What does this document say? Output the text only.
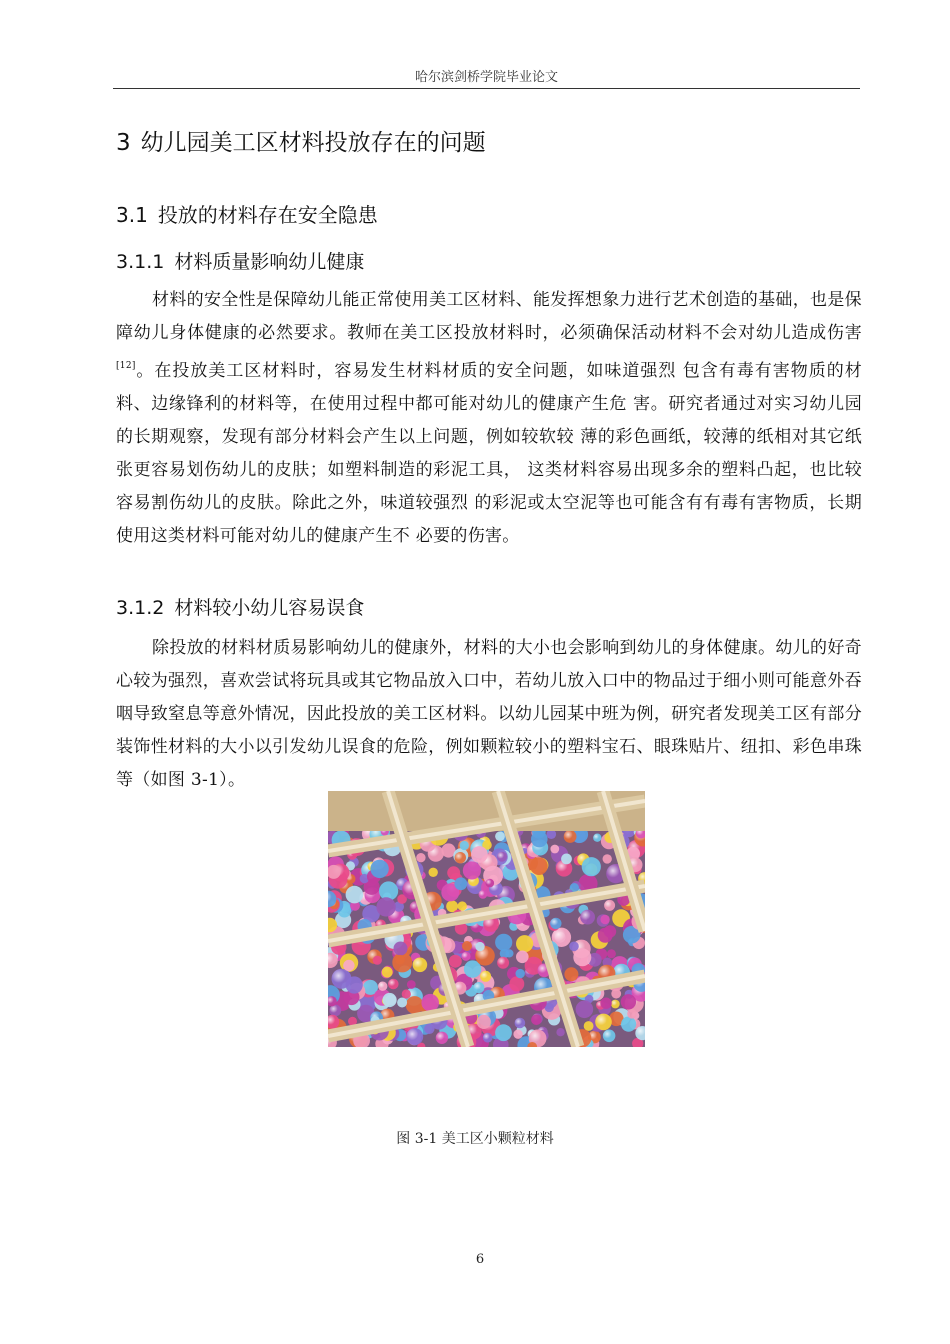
哈尔滨剑桥学院毕业论文
3 幼儿园美工区材料投放存在的问题
3.1 投放的材料存在安全隐患
3.1.1 材料质量影响幼儿健康

材料的安全性是保障幼儿能正常使用美工区材料、能发挥想象力进行艺术创造的基础，也是保障幼儿身体健康的必然要求。教师在美工区投放材料时，必须确保活动材料不会对幼儿造成伤害[12]。在投放美工区材料时，容易发生材料材质的安全问题，如味道强烈 包含有毒有害物质的材料、边缘锋利的材料等，在使用过程中都可能对幼儿的健康产生危 害。研究者通过对实习幼儿园的长期观察，发现有部分材料会产生以上问题，例如较软较 薄的彩色画纸，较薄的纸相对其它纸张更容易划伤幼儿的皮肤；如塑料制造的彩泥工具， 这类材料容易出现多余的塑料凸起，也比较容易割伤幼儿的皮肤。除此之外，味道较强烈 的彩泥或太空泥等也可能含有有毒有害物质，长期使用这类材料可能对幼儿的健康产生不 必要的伤害。

3.1.2 材料较小幼儿容易误食

除投放的材料材质易影响幼儿的健康外，材料的大小也会影响到幼儿的身体健康。幼儿的好奇心较为强烈，喜欢尝试将玩具或其它物品放入口中，若幼儿放入口中的物品过于细小则可能意外吞咽导致窒息等意外情况，因此投放的美工区材料。以幼儿园某中班为例，研究者发现美工区有部分装饰性材料的大小以引发幼儿误食的危险，例如颗粒较小的塑料宝石、眼珠贴片、纽扣、彩色串珠等（如图 3-1）。

图 3-1 美工区小颗粒材料
6
